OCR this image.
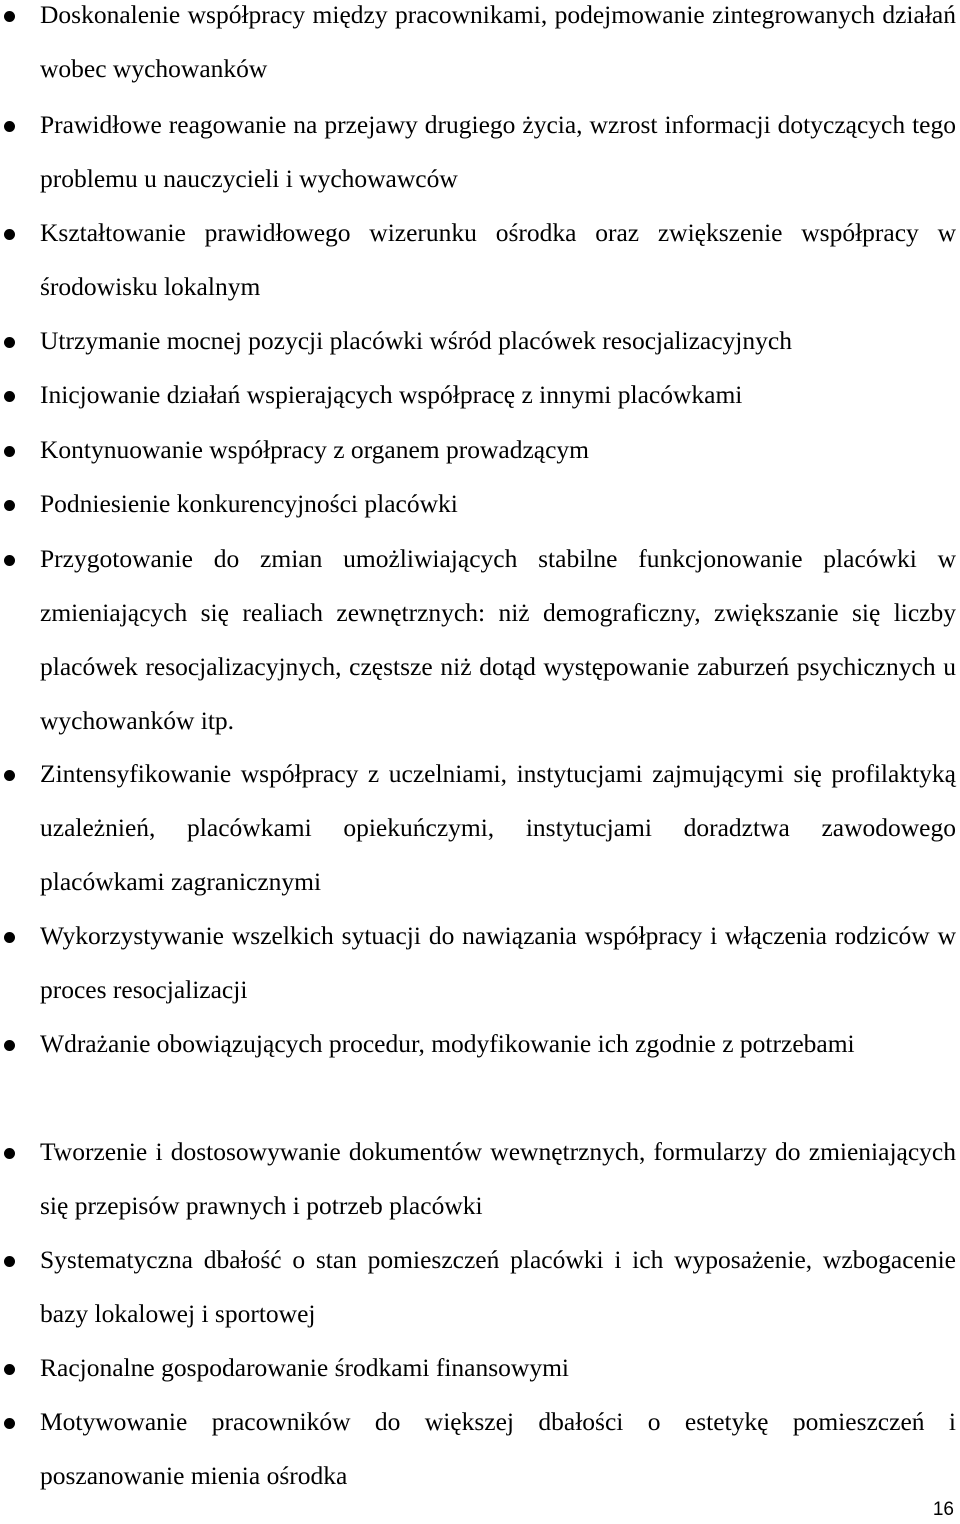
Doskonalenie współpracy między pracownikami, podejmowanie zintegrowanych działań wobec wychowanków
Prawidłowe reagowanie na przejawy drugiego życia, wzrost informacji dotyczących tego problemu u nauczycieli i wychowawców
Kształtowanie prawidłowego wizerunku ośrodka oraz zwiększenie współpracy w środowisku lokalnym
Utrzymanie mocnej pozycji placówki wśród placówek resocjalizacyjnych
Inicjowanie działań wspierających współpracę z innymi placówkami
Kontynuowanie współpracy z organem prowadzącym
Podniesienie konkurencyjności placówki
Przygotowanie do zmian umożliwiających stabilne funkcjonowanie placówki w zmieniających się realiach zewnętrznych: niż demograficzny, zwiększanie się liczby placówek resocjalizacyjnych, częstsze niż dotąd występowanie zaburzeń psychicznych u wychowanków itp.
Zintensyfikowanie współpracy z uczelniami, instytucjami zajmującymi się profilaktyką uzależnień, placówkami opiekuńczymi, instytucjami doradztwa zawodowego placówkami zagranicznymi
Wykorzystywanie wszelkich sytuacji do nawiązania współpracy i włączenia rodziców w proces resocjalizacji
Wdrażanie obowiązujących procedur, modyfikowanie ich zgodnie z potrzebami
Tworzenie i dostosowywanie dokumentów wewnętrznych, formularzy do zmieniających się przepisów prawnych i potrzeb placówki
Systematyczna dbałość o stan pomieszczeń placówki i ich wyposażenie, wzbogacenie bazy lokalowej i sportowej
Racjonalne gospodarowanie środkami finansowymi
Motywowanie pracowników do większej dbałości o estetykę pomieszczeń i poszanowanie mienia ośrodka
16
